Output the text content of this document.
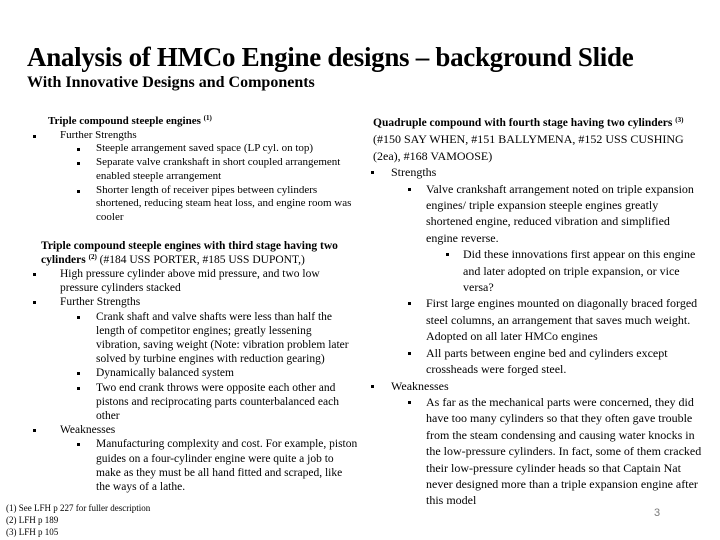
Analysis of HMCo Engine designs – background Slide
With Innovative Designs and Components
Triple compound steeple engines $^{(1)}$
Further Strengths
Steeple arrangement saved space (LP cyl. on top)
Separate valve crankshaft in short coupled arrangement enabled steeple arrangement
Shorter length of receiver pipes between cylinders shortened, reducing steam heat loss, and engine room was cooler
Triple compound steeple engines with third stage having two cylinders $^{(2)}$ (#184 USS PORTER, #185 USS DUPONT,)
High pressure cylinder above mid pressure, and two low pressure cylinders stacked
Further Strengths
Crank shaft and valve shafts were less than half the length of competitor engines; greatly lessening vibration, saving weight (Note: vibration problem later solved by turbine engines with reduction gearing)
Dynamically balanced system
Two end crank throws were opposite each other and pistons and reciprocating parts counterbalanced each other
Weaknesses
Manufacturing complexity and cost. For example, piston guides on a four-cylinder engine were quite a job to make as they must be all hand fitted and scraped, like the ways of a lathe.
Quadruple compound with fourth stage having two cylinders $^{(3)}$
(#150 SAY WHEN, #151 BALLYMENA, #152 USS CUSHING (2ea), #168 VAMOOSE)
Strengths
Valve crankshaft arrangement noted on triple expansion engines/ triple expansion steeple engines greatly shortened engine, reduced vibration and simplified engine reverse.
Did these innovations first appear on this engine and later adopted on triple expansion, or vice versa?
First large engines mounted on diagonally braced forged steel columns, an arrangement that saves much weight. Adopted on all later HMCo engines
All parts between engine bed and cylinders except crossheads were forged steel.
Weaknesses
As far as the mechanical parts were concerned, they did have too many cylinders so that they often gave trouble from the steam condensing and causing water knocks in the low-pressure cylinders. In fact, some of them cracked their low-pressure cylinder heads so that Captain Nat never designed more than a triple expansion engine after this model
(1) See LFH p 227 for fuller description
(2) LFH p 189
(3) LFH p 105
3
